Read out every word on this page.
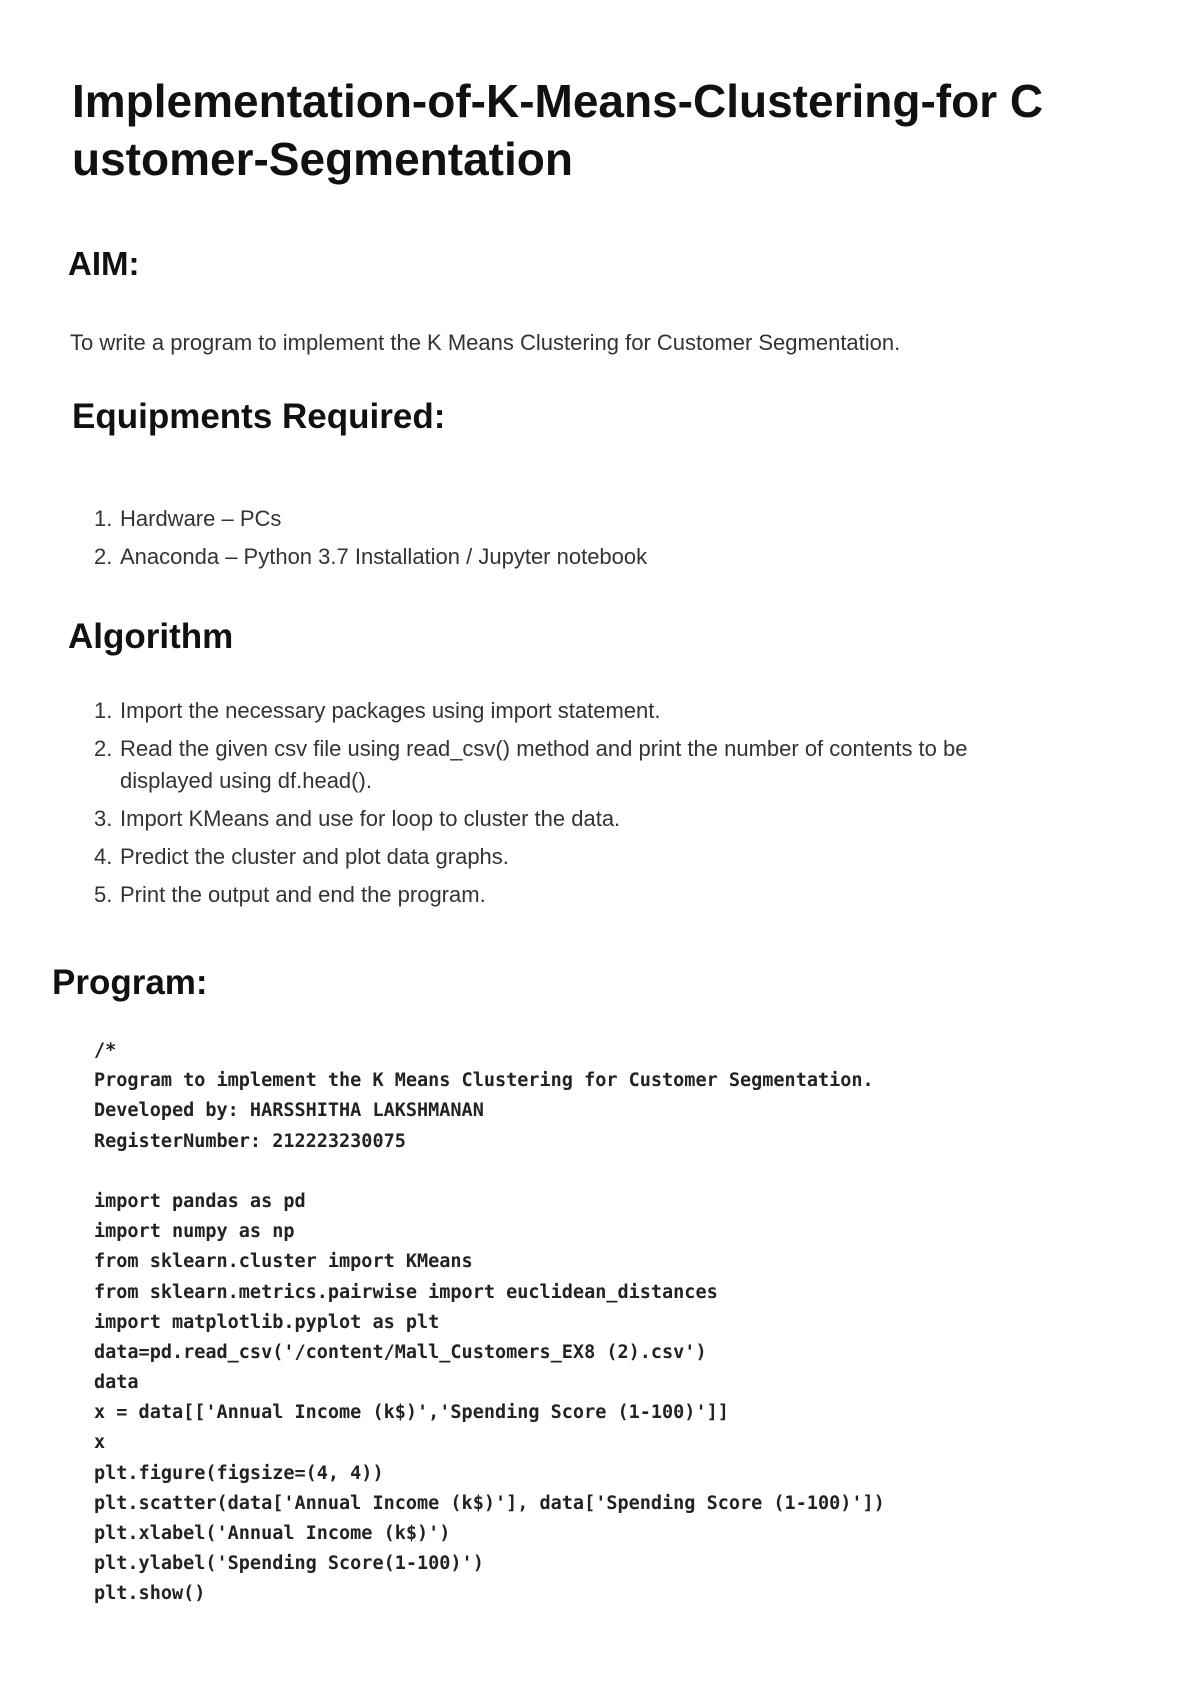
Implementation-of-K-Means-Clustering-for Customer-Segmentation
AIM:

To write a program to implement the K Means Clustering for Customer Segmentation.

Equipments Required:
1. Hardware – PCs
2. Anaconda – Python 3.7 Installation / Jupyter notebook
Algorithm
1. Import the necessary packages using import statement.
2. Read the given csv file using read_csv() method and print the number of contents to be displayed using df.head().
3. Import KMeans and use for loop to cluster the data.
4. Predict the cluster and plot data graphs.
5. Print the output and end the program.
Program:
/*
Program to implement the K Means Clustering for Customer Segmentation.
Developed by: HARSSHITHA LAKSHMANAN
RegisterNumber: 212223230075
import pandas as pd
import numpy as np
from sklearn.cluster import KMeans
from sklearn.metrics.pairwise import euclidean_distances
import matplotlib.pyplot as plt
data=pd.read_csv('/content/Mall_Customers_EX8 (2).csv')
data
x = data[['Annual Income (k$)','Spending Score (1-100)']]
x
plt.figure(figsize=(4, 4))
plt.scatter(data['Annual Income (k$)'], data['Spending Score (1-100)'])
plt.xlabel('Annual Income (k$)')
plt.ylabel('Spending Score(1-100)')
plt.show()
